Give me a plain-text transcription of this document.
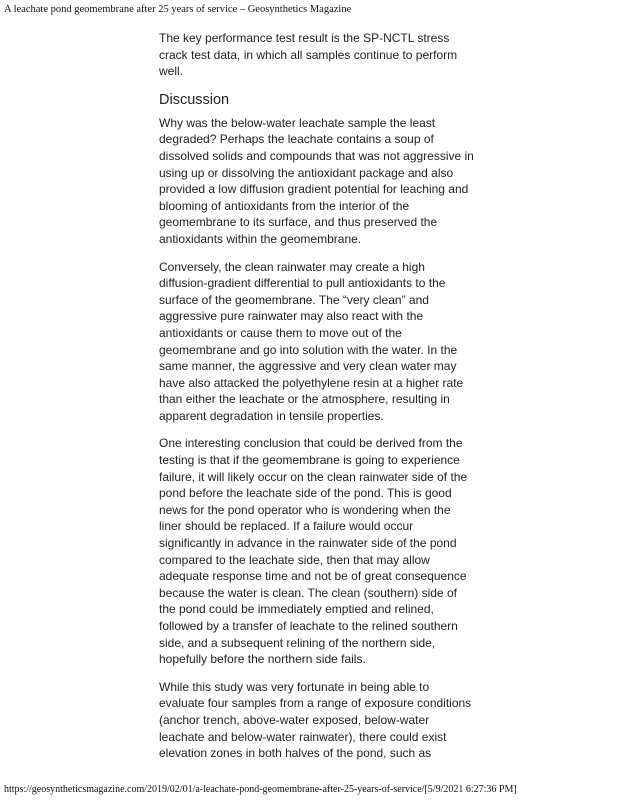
A leachate pond geomembrane after 25 years of service – Geosynthetics Magazine

The key performance test result is the SP-NCTL stress crack test data, in which all samples continue to perform well.

Discussion

Why was the below-water leachate sample the least degraded? Perhaps the leachate contains a soup of dissolved solids and compounds that was not aggressive in using up or dissolving the antioxidant package and also provided a low diffusion gradient potential for leaching and blooming of antioxidants from the interior of the geomembrane to its surface, and thus preserved the antioxidants within the geomembrane.

Conversely, the clean rainwater may create a high diffusion-gradient differential to pull antioxidants to the surface of the geomembrane. The “very clean” and aggressive pure rainwater may also react with the antioxidants or cause them to move out of the geomembrane and go into solution with the water. In the same manner, the aggressive and very clean water may have also attacked the polyethylene resin at a higher rate than either the leachate or the atmosphere, resulting in apparent degradation in tensile properties.

One interesting conclusion that could be derived from the testing is that if the geomembrane is going to experience failure, it will likely occur on the clean rainwater side of the pond before the leachate side of the pond. This is good news for the pond operator who is wondering when the liner should be replaced. If a failure would occur significantly in advance in the rainwater side of the pond compared to the leachate side, then that may allow adequate response time and not be of great consequence because the water is clean. The clean (southern) side of the pond could be immediately emptied and relined, followed by a transfer of leachate to the relined southern side, and a subsequent relining of the northern side, hopefully before the northern side fails.

While this study was very fortunate in being able to evaluate four samples from a range of exposure conditions (anchor trench, above-water exposed, below-water leachate and below-water rainwater), there could exist elevation zones in both halves of the pond, such as

https://geosyntheticsmagazine.com/2019/02/01/a-leachate-pond-geomembrane-after-25-years-of-service/[5/9/2021 6:27:36 PM]
